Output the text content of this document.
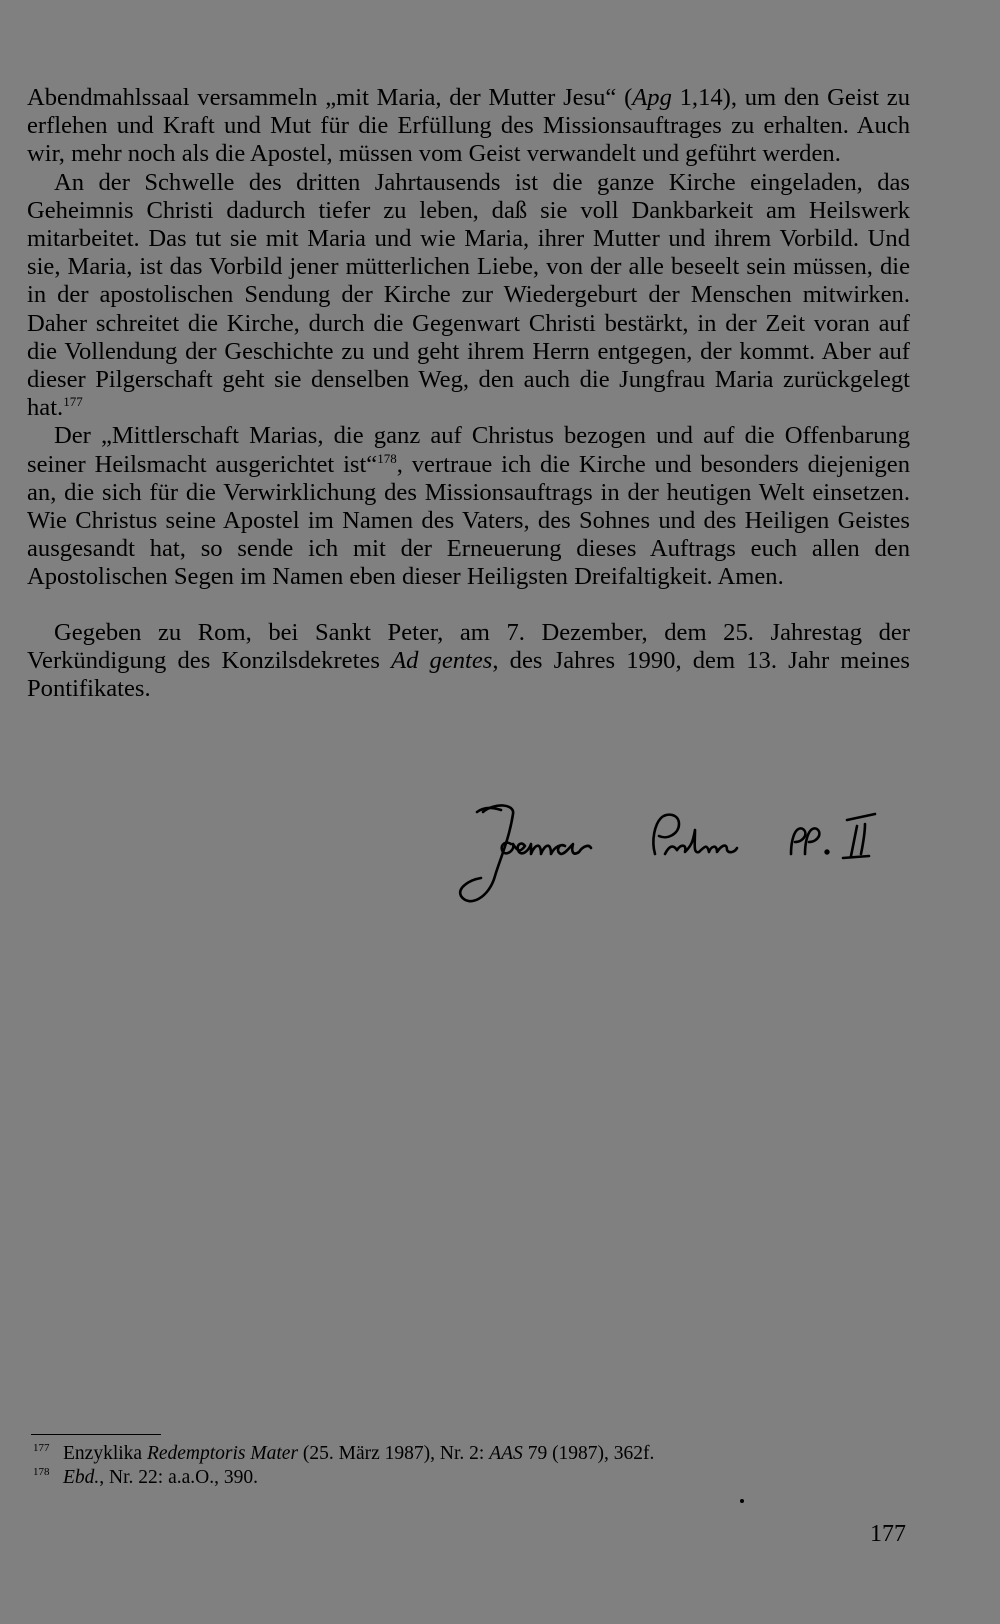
Abendmahlssaal versammeln „mit Maria, der Mutter Jesu“ (Apg 1,14), um den Geist zu erflehen und Kraft und Mut für die Erfüllung des Missionsauftrages zu erhalten. Auch wir, mehr noch als die Apostel, müssen vom Geist verwandelt und geführt werden.

An der Schwelle des dritten Jahrtausends ist die ganze Kirche eingeladen, das Geheimnis Christi dadurch tiefer zu leben, daß sie voll Dankbarkeit am Heilswerk mitarbeitet. Das tut sie mit Maria und wie Maria, ihrer Mutter und ihrem Vorbild. Und sie, Maria, ist das Vorbild jener mütterlichen Liebe, von der alle beseelt sein müssen, die in der apostolischen Sendung der Kirche zur Wiedergeburt der Menschen mitwirken. Daher schreitet die Kirche, durch die Gegenwart Christi bestärkt, in der Zeit voran auf die Vollendung der Geschichte zu und geht ihrem Herrn entgegen, der kommt. Aber auf dieser Pilgerschaft geht sie denselben Weg, den auch die Jungfrau Maria zurückgelegt hat.$^{177}$

Der „Mittlerschaft Marias, die ganz auf Christus bezogen und auf die Offenbarung seiner Heilsmacht ausgerichtet ist“$^{178}$, vertraue ich die Kirche und besonders diejenigen an, die sich für die Verwirklichung des Missionsauftrags in der heutigen Welt einsetzen. Wie Christus seine Apostel im Namen des Vaters, des Sohnes und des Heiligen Geistes ausgesandt hat, so sende ich mit der Erneuerung dieses Auftrags euch allen den Apostolischen Segen im Namen eben dieser Heiligsten Dreifaltigkeit. Amen.

Gegeben zu Rom, bei Sankt Peter, am 7. Dezember, dem 25. Jahrestag der Verkündigung des Konzilsdekretes Ad gentes, des Jahres 1990, dem 13. Jahr meines Pontifikates.

177 Enzyklika Redemptoris Mater (25. März 1987), Nr. 2: AAS 79 (1987), 362f.
178 Ebd., Nr. 22: a.a.O., 390.
177
